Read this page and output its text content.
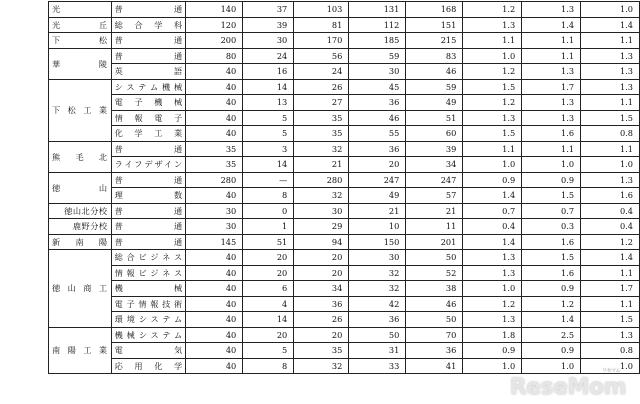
光	普　　通	140	37	103	131	168	1.2	1.3	1.0
光　　丘	総 合 学 科	120	39	81	112	151	1.3	1.4	1.4
下　　松	普　　通	200	30	170	185	215	1.1	1.1	1.1
華　　陵	普　　通	80	24	56	59	83	1.0	1.1	1.3
	英　　語	40	16	24	30	46	1.2	1.3	1.3
下松工業	システム機械	40	14	26	45	59	1.5	1.7	1.3
	電 子 機 械	40	13	27	36	49	1.2	1.3	1.1
	情 報 電 子	40	5	35	46	51	1.3	1.3	1.5
	化 学 工 業	40	5	35	55	60	1.5	1.6	0.8
熊　毛　北	普　　通	35	3	32	36	39	1.1	1.1	1.1
	ライフデザイン	35	14	21	20	34	1.0	1.0	1.0
徳　　山	普　　通	280	—	280	247	247	0.9	0.9	1.3
	理　　数	40	8	32	49	57	1.4	1.5	1.6
徳山北分校	普　　通	30	0	30	21	21	0.7	0.7	0.4
鹿野分校	普　　通	30	1	29	10	11	0.4	0.3	0.4
新　南　陽	普　　通	145	51	94	150	201	1.4	1.6	1.2
徳山商工	総合ビジネス	40	20	20	30	50	1.3	1.5	1.4
	情報ビジネス	40	20	20	32	52	1.3	1.6	1.1
	機　　械	40	6	34	32	38	1.0	0.9	1.7
	電子情報技術	40	4	36	42	46	1.2	1.2	1.1
	環境システム	40	14	26	36	50	1.3	1.4	1.5
南陽工業	機械システム	40	20	20	50	70	1.8	2.5	1.3
	電　　気	40	5	35	31	36	0.9	0.9	0.8
	応 用 化 学	40	8	32	33	41	1.0	1.0	1.0
リセマム
ReseMom
